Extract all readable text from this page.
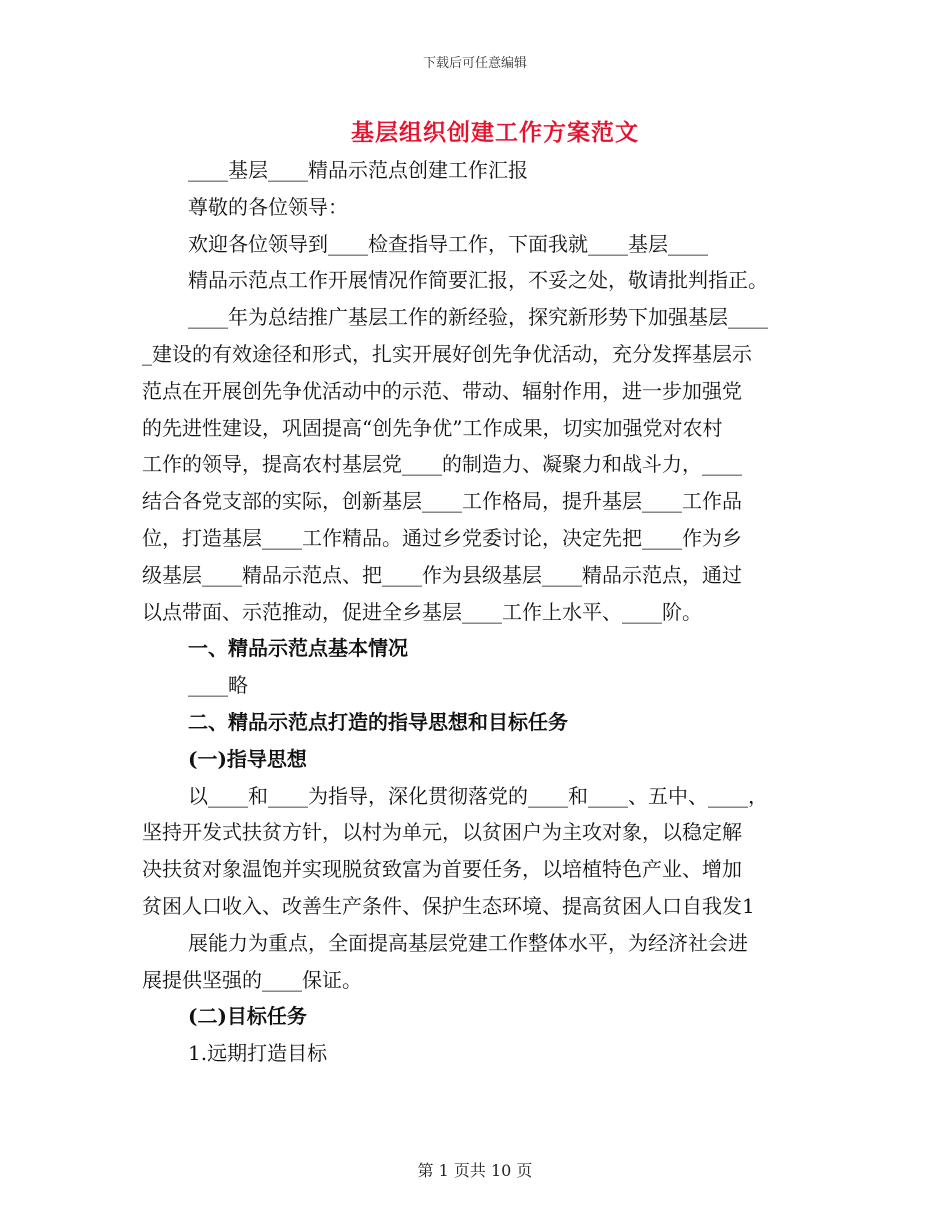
下载后可任意编辑
基层组织创建工作方案范文
____基层____精品示范点创建工作汇报
尊敬的各位领导：
欢迎各位领导到____检查指导工作，下面我就____基层____
精品示范点工作开展情况作简要汇报，不妥之处，敬请批判指正。
____年为总结推广基层工作的新经验，探究新形势下加强基层____
_建设的有效途径和形式，扎实开展好创先争优活动，充分发挥基层示
范点在开展创先争优活动中的示范、带动、辐射作用，进一步加强党
的先进性建设，巩固提高“创先争优”工作成果，切实加强党对农村
工作的领导，提高农村基层党____的制造力、凝聚力和战斗力，____
结合各党支部的实际，创新基层____工作格局，提升基层____工作品
位，打造基层____工作精品。通过乡党委讨论，决定先把____作为乡
级基层____精品示范点、把____作为县级基层____精品示范点，通过
以点带面、示范推动，促进全乡基层____工作上水平、____阶。
一、精品示范点基本情况
____略
二、精品示范点打造的指导思想和目标任务
(一)指导思想
以____和____为指导，深化贯彻落党的____和____、五中、____，
坚持开发式扶贫方针，以村为单元，以贫困户为主攻对象，以稳定解
决扶贫对象温饱并实现脱贫致富为首要任务，以培植特色产业、增加
贫困人口收入、改善生产条件、保护生态环境、提高贫困人口自我发1
展能力为重点，全面提高基层党建工作整体水平，为经济社会进
展提供坚强的____保证。
(二)目标任务
1.远期打造目标
第 1 页共 10 页
